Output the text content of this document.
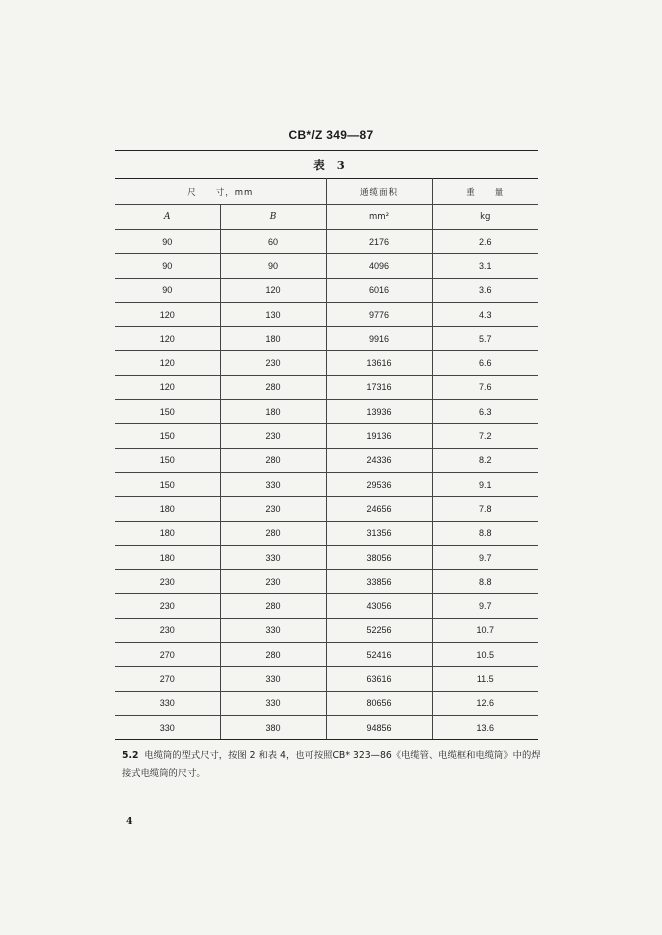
CB*/Z 349—87
表 3
尺　　寸，mm		通缆面积	重　　量
A	B	mm²	kg
90	60	2176	2.6
90	90	4096	3.1
90	120	6016	3.6
120	130	9776	4.3
120	180	9916	5.7
120	230	13616	6.6
120	280	17316	7.6
150	180	13936	6.3
150	230	19136	7.2
150	280	24336	8.2
150	330	29536	9.1
180	230	24656	7.8
180	280	31356	8.8
180	330	38056	9.7
230	230	33856	8.8
230	280	43056	9.7
230	330	52256	10.7
270	280	52416	10.5
270	330	63616	11.5
330	330	80656	12.6
330	380	94856	13.6
5.2 电缆筒的型式尺寸，按图 2 和表 4，也可按照CB* 323—86《电缆管、电缆框和电缆筒》中的焊接式电缆筒的尺寸。
4
